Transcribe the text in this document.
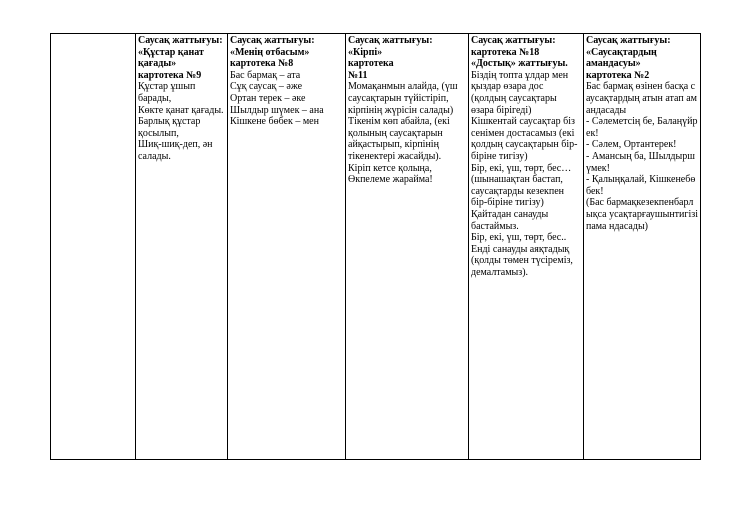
	Саусақ жаттығуы:
«Құстар қанат қағады»
картотека №9
Құстар ұшып барады,
Көкте қанат қағады.
Барлық құстар қосылып,
Шиқ-шиқ-деп, ән салады.
	Саусақ жаттығуы:
«Менің отбасым»
картотека №8
Бас бармақ – ата
Сұқ саусақ – әже
Ортан терек – әке
Шылдыр шүмек – ана
Кішкене бөбек – мен
	Саусақ жаттығуы:
«Кірпі»
картотека
№11
Момақанмын алайда, (үш саусақтарын түйістіріп, кірпінің жүрісін салады)
Тікенім көп абайла, (екі қолының саусақтарын айқастырып, кірпінің тікенектері жасайды).
Кіріп кетсе қолыңа,
Өкпелеме жарайма!
	Саусақ жаттығуы:
картотека №18
«Достық» жаттығуы.
Біздің топта ұлдар мен қыздар өзара дос
(қолдың саусақтары өзара бірігеді)
Кішкентай саусақтар біз сенімен достасамыз (екі қолдың саусақтарын бір-біріне тигізу)
Бір, екі, үш, төрт, бес…
(шынашақтан бастап, саусақтарды кезекпен бір-біріне тигізу)
Қайтадан санауды бастаймыз.
Бір, екі, үш, төрт, бес..
Енді санауды аяқтадық
(қолды төмен түсіреміз, демалтамыз).
	Саусақ жаттығуы:
«Саусақтардың амандасуы»
картотека №2
Бас бармақ өзінен басқа саусақтардың атын атап амандасады
- Сәлеметсің бе, Балаңүйрек!
- Сәлем, Ортантерек!
- Амансың ба, Шылдыршүмек!
- Қалыңқалай, Кішкенебөбек!
(Бас бармақкезекпенбарлықса усақтарғаушынтигізіпама ндасады)
